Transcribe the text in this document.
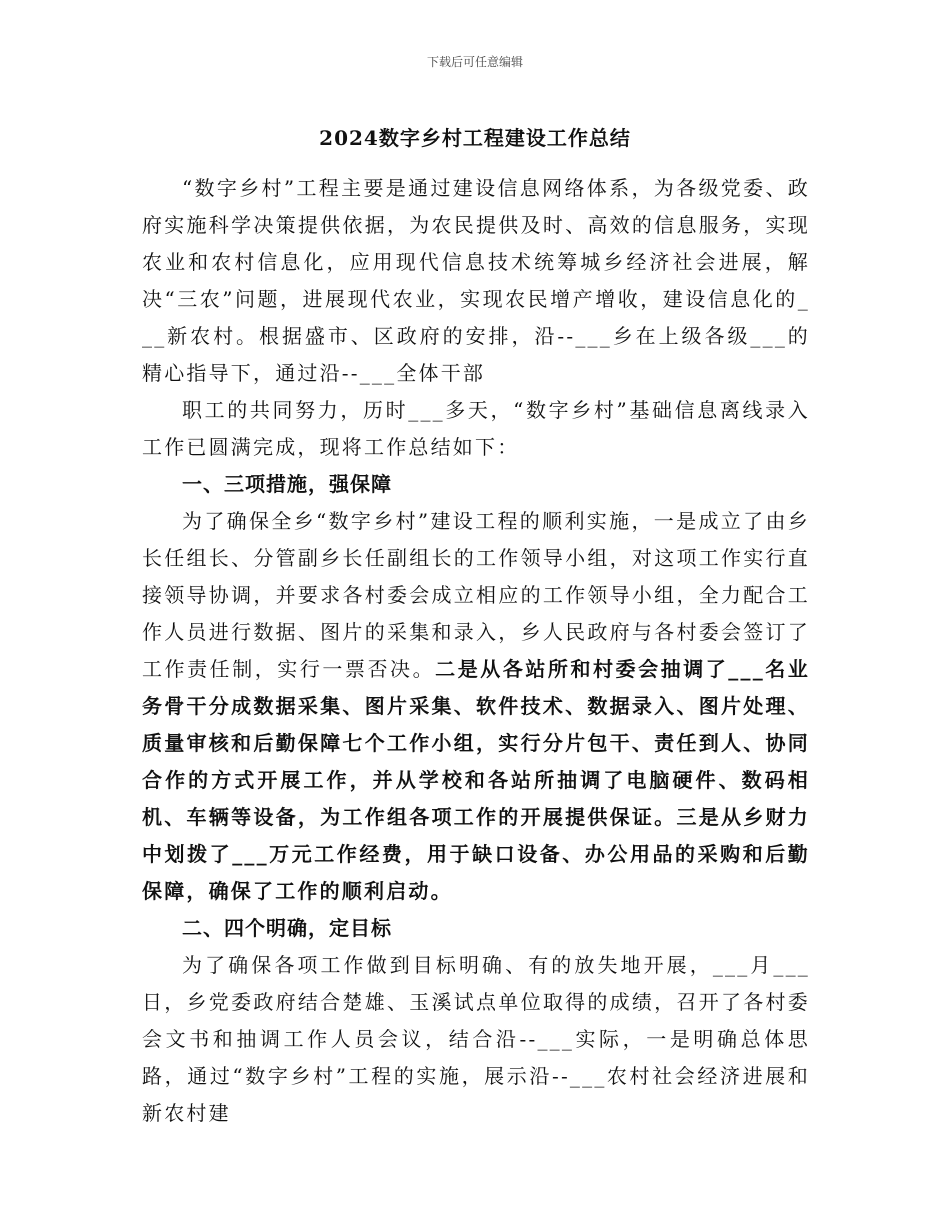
下载后可任意编辑
2024数字乡村工程建设工作总结

“数字乡村”工程主要是通过建设信息网络体系，为各级党委、政府实施科学决策提供依据，为农民提供及时、高效的信息服务，实现农业和农村信息化，应用现代信息技术统筹城乡经济社会进展，解决“三农”问题，进展现代农业，实现农民增产增收，建设信息化的___新农村。根据盛市、区政府的安排，沿--___乡在上级各级___的精心指导下，通过沿--___全体干部

职工的共同努力，历时___多天，“数字乡村”基础信息离线录入工作已圆满完成，现将工作总结如下：

一、三项措施，强保障

为了确保全乡“数字乡村”建设工程的顺利实施，一是成立了由乡长任组长、分管副乡长任副组长的工作领导小组，对这项工作实行直接领导协调，并要求各村委会成立相应的工作领导小组，全力配合工作人员进行数据、图片的采集和录入，乡人民政府与各村委会签订了工作责任制，实行一票否决。二是从各站所和村委会抽调了___名业务骨干分成数据采集、图片采集、软件技术、数据录入、图片处理、质量审核和后勤保障七个工作小组，实行分片包干、责任到人、协同合作的方式开展工作，并从学校和各站所抽调了电脑硬件、数码相机、车辆等设备，为工作组各项工作的开展提供保证。三是从乡财力中划拨了___万元工作经费，用于缺口设备、办公用品的采购和后勤保障，确保了工作的顺利启动。

二、四个明确，定目标

为了确保各项工作做到目标明确、有的放失地开展，___月___日，乡党委政府结合楚雄、玉溪试点单位取得的成绩，召开了各村委会文书和抽调工作人员会议，结合沿--___实际，一是明确总体思路，通过“数字乡村”工程的实施，展示沿--___农村社会经济进展和新农村建
